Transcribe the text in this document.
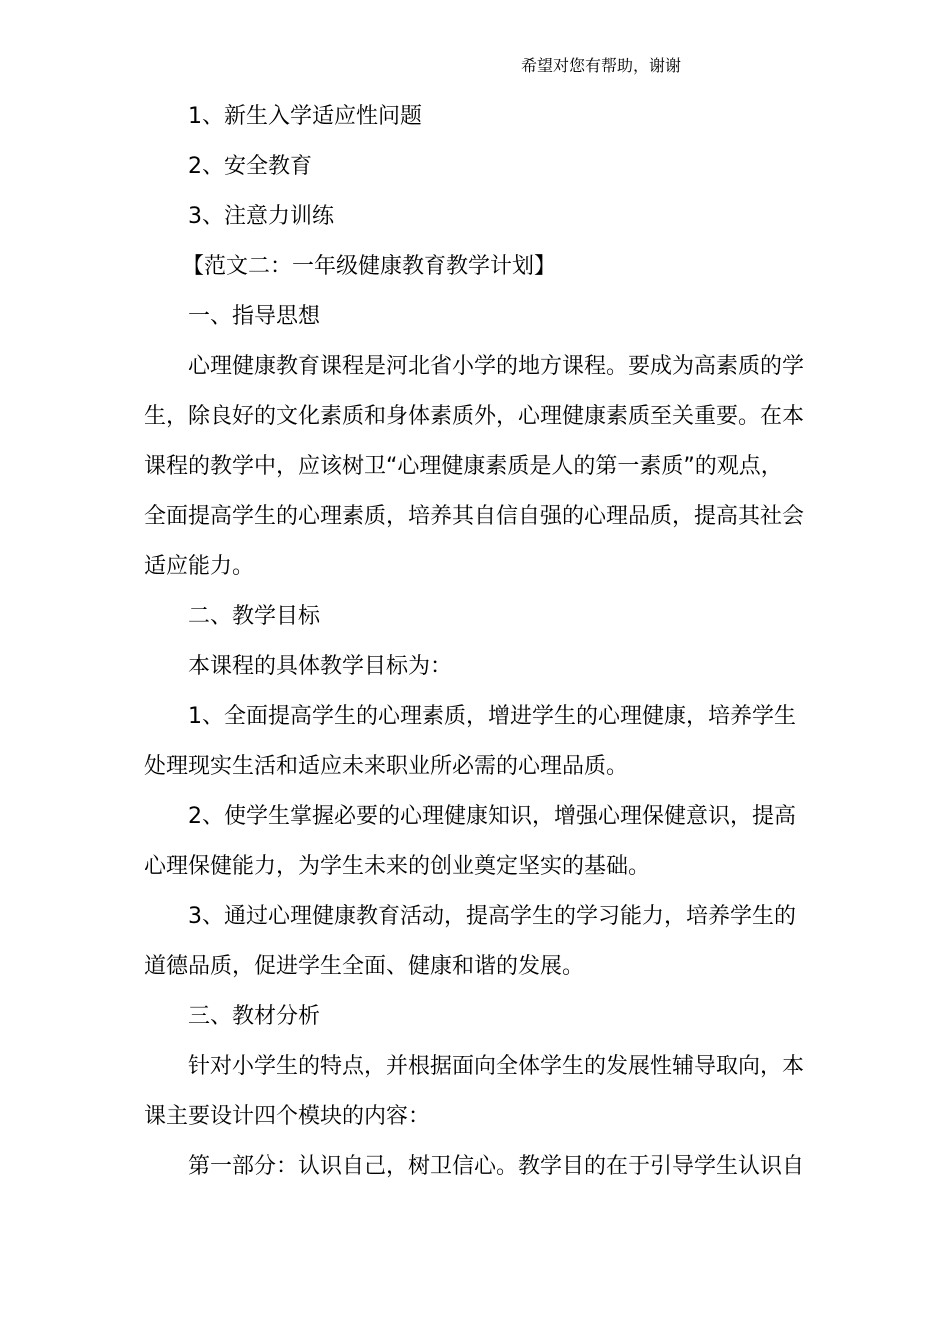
希望对您有帮助，谢谢
1、新生入学适应性问题
2、安全教育
3、注意力训练
【范文二：一年级健康教育教学计划】
一、指导思想
心理健康教育课程是河北省小学的地方课程。要成为高素质的学
生，除良好的文化素质和身体素质外，心理健康素质至关重要。在本
课程的教学中，应该树卫“心理健康素质是人的第一素质”的观点，
全面提高学生的心理素质，培养其自信自强的心理品质，提高其社会
适应能力。
二、教学目标
本课程的具体教学目标为：
1、全面提高学生的心理素质，增进学生的心理健康，培养学生
处理现实生活和适应未来职业所必需的心理品质。
2、使学生掌握必要的心理健康知识，增强心理保健意识，提高
心理保健能力，为学生未来的创业奠定坚实的基础。
3、通过心理健康教育活动，提高学生的学习能力，培养学生的
道德品质，促进学生全面、健康和谐的发展。
三、教材分析
针对小学生的特点，并根据面向全体学生的发展性辅导取向，本
课主要设计四个模块的内容：
第一部分：认识自己，树卫信心。教学目的在于引导学生认识自
